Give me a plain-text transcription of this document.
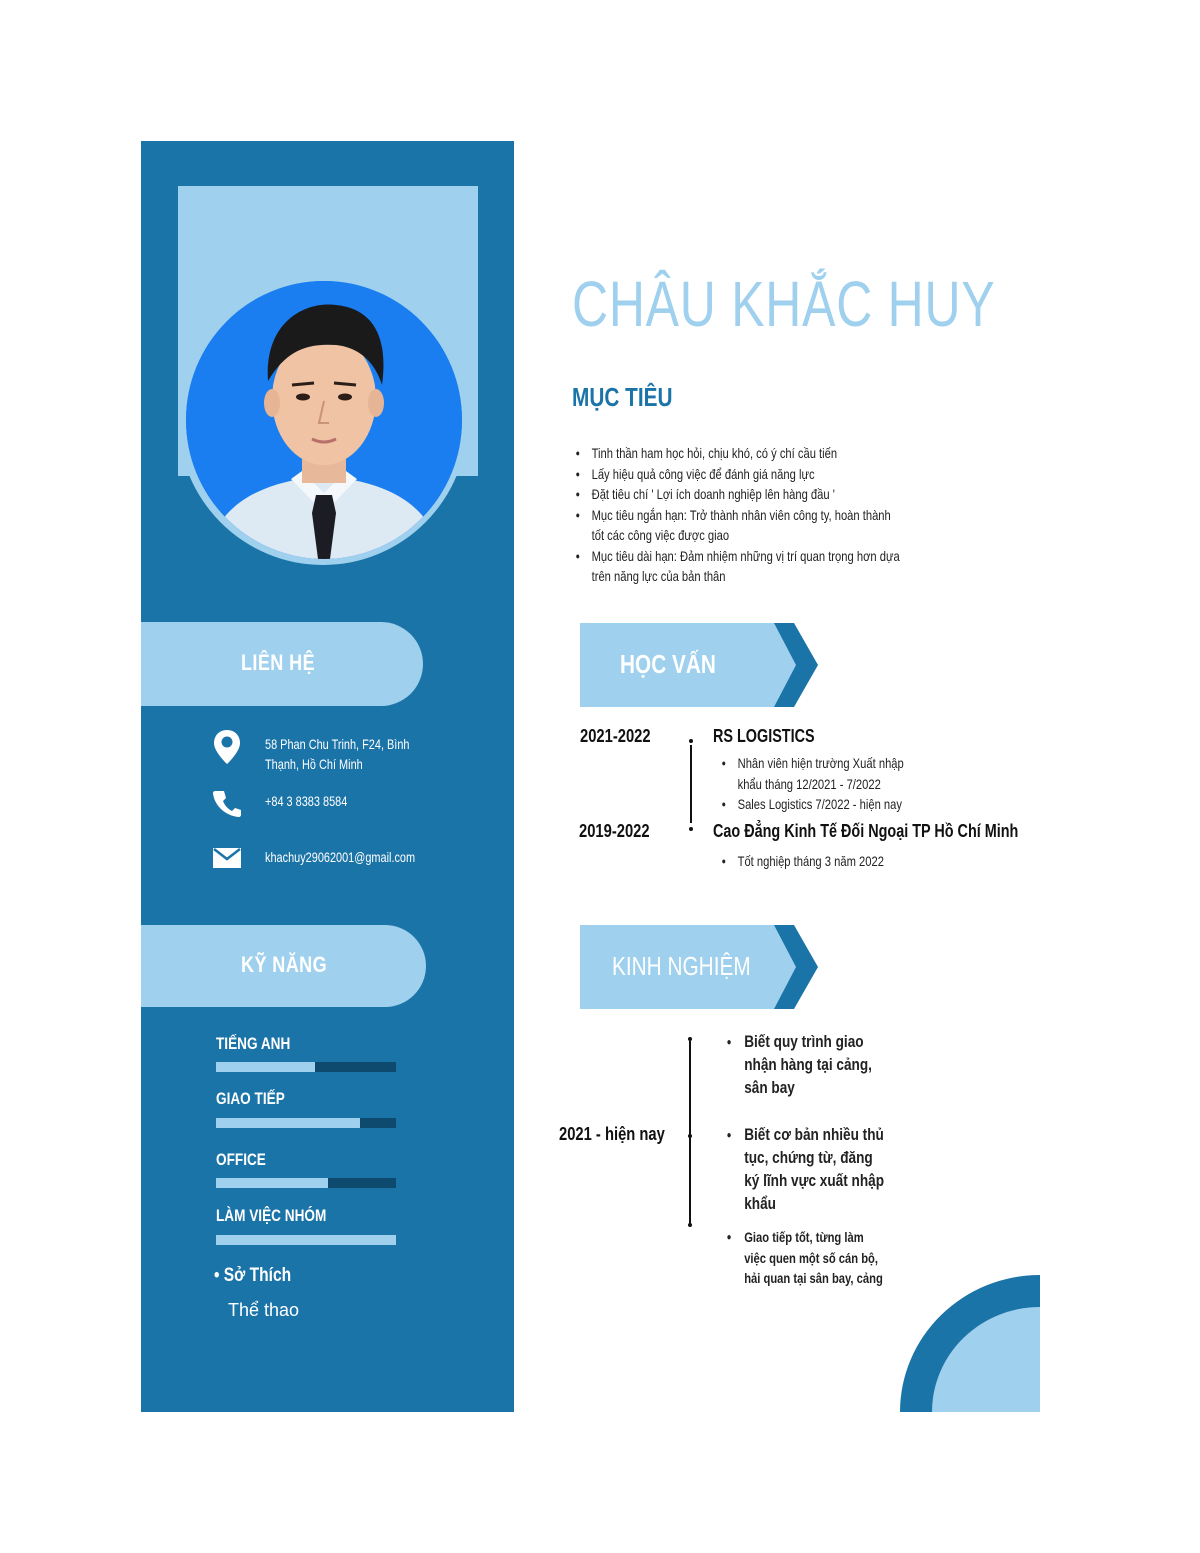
LIÊN HỆ
58 Phan Chu Trinh, F24, Bình Thạnh, Hồ Chí Minh
+84 3 8383 8584
khachuy29062001@gmail.com
KỸ NĂNG
TIẾNG ANH
GIAO TIẾP
OFFICE
LÀM VIỆC NHÓM
• Sở Thích
Thể thao
CHÂU KHẮC HUY
MỤC TIÊU
● Tinh thần ham học hỏi, chịu khó, có ý chí cầu tiến
● Lấy hiệu quả công việc để đánh giá năng lực
● Đặt tiêu chí ' Lợi ích doanh nghiệp lên hàng đầu '
● Mục tiêu ngắn hạn: Trở thành nhân viên công ty, hoàn thành tốt các công việc được giao
● Mục tiêu dài hạn: Đảm nhiệm những vị trí quan trọng hơn dựa trên năng lực của bản thân
HỌC VẤN
2021-2022
2019-2022
RS LOGISTICS
● Nhân viên hiện trường Xuất nhập khẩu tháng 12/2021 - 7/2022
● Sales Logistics 7/2022 - hiện nay
Cao Đẳng Kinh Tế Đối Ngoại TP Hồ Chí Minh
● Tốt nghiệp tháng 3 năm 2022
KINH NGHIỆM
2021 - hiện nay
● Biết quy trình giao nhận hàng tại cảng, sân bay
● Biết cơ bản nhiều thủ tục, chứng từ, đăng ký lĩnh vực xuất nhập khẩu
● Giao tiếp tốt, từng làm việc quen một số cán bộ, hải quan tại sân bay, cảng
